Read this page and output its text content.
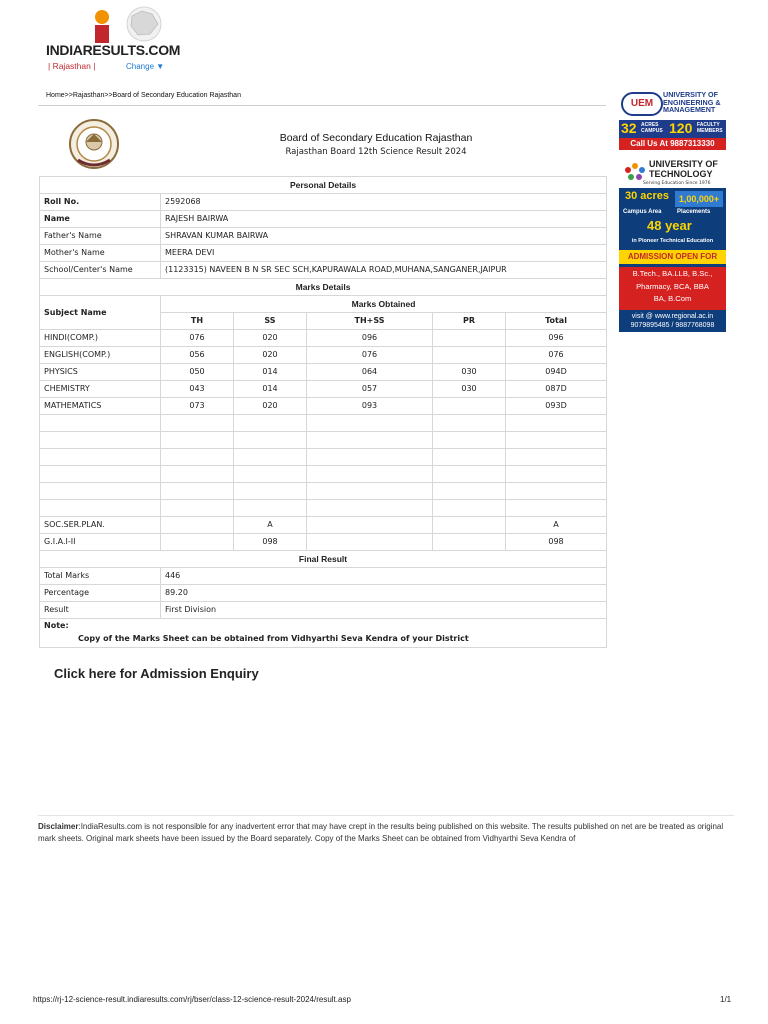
INDIARESULTS.COM
| Rajasthan |	Change ▼
Home>>Rajasthan>>Board of Secondary Education Rajasthan
Board of Secondary Education Rajasthan
Rajasthan Board 12th Science Result 2024
Personal Details					
Roll No.	2592068				
Name	RAJESH BAIRWA				
Father's Name	SHRAVAN KUMAR BAIRWA				
Mother's Name	MEERA DEVI				
School/Center's Name	(1123315) NAVEEN B N SR SEC SCH,KAPURAWALA ROAD,MUHANA,SANGANER,JAIPUR				
Marks Details					
Subject Name	Marks Obtained				
	TH	SS	TH+SS	PR	Total
HINDI(COMP.)	076	020	096		096
ENGLISH(COMP.)	056	020	076		076
PHYSICS	050	014	064	030	094D
CHEMISTRY	043	014	057	030	087D
MATHEMATICS	073	020	093		093D

SOC.SER.PLAN.		A			A
G.I.A.I-II		098			098
Final Result					
Total Marks	446				
Percentage	89.20				
Result	First Division				

Note:
Copy of the Marks Sheet can be obtained from Vidhyarthi Seva Kendra of your District					
Click here for Admission Enquiry
Disclaimer:IndiaResults.com is not responsible for any inadvertent error that may have crept in the results being published on this website. The results published on net are be treated as original mark sheets. Original mark sheets have been issued by the Board separately. Copy of the Marks Sheet can be obtained from Vidhyarthi Seva Kendra of
https://rj-12-science-result.indiaresults.com/rj/bser/class-12-science-result-2024/result.asp	1/1
UEM
UNIVERSITY OF ENGINEERING & MANAGEMENT
32 ACRES CAMPUS 120 FACULTY MEMBERS
Call Us At 9887313330
UNIVERSITY OF
TECHNOLOGY
Serving Education Since 1976
30 acres	1,00,000+
Campus Area	Placements
48 year
in Pioneer Technical Education
ADMISSION OPEN FOR
B.Tech., BA.LLB, B.Sc.,
Pharmacy, BCA, BBA
BA, B.Com
visit @ www.regional.ac.in
9079895485 / 9887768098
